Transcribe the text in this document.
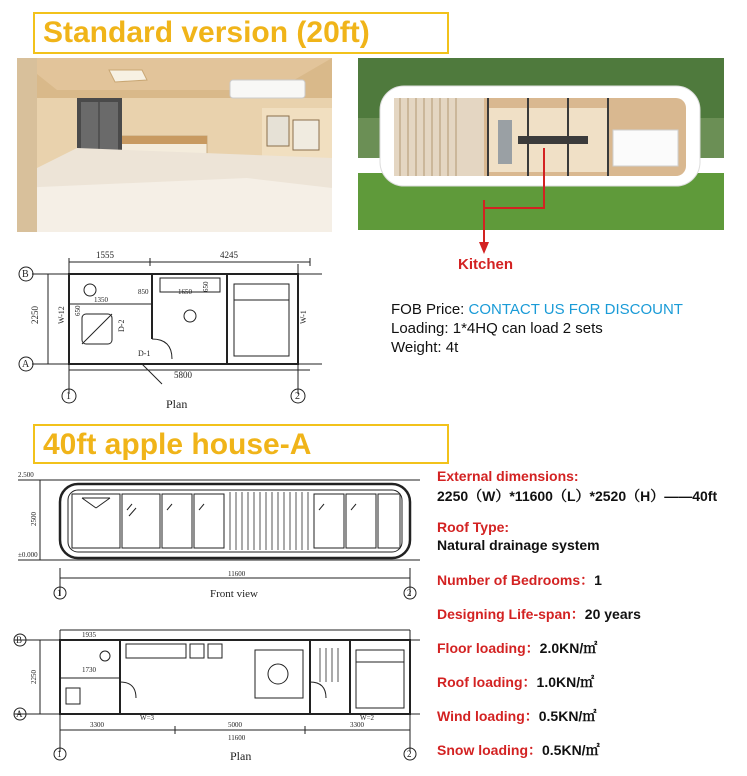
Standard version (20ft)
Kitchen
1555	4245
2250
5800
B
A
1	2
W-12	W-1
D-1
D-2
1350
850	1650 650
650
Plan
FOB Price: CONTACT US FOR DISCOUNT
Loading: 1*4HQ can load 2 sets
Weight: 4t
40ft apple house-A
2.500
±0.000
2500
11600
1	2
Front view
1935
2250
3300	5000	3300
11600
1730
W=3	W=2
B
A
1	2
Plan
External dimensions:
2250（W）*11600（L）*2520（H）——40ft
Roof Type:
Natural drainage system
Number of Bedrooms：1
Designing Life-span：20 years
Floor loading：2.0KN/㎡
Roof loading：1.0KN/㎡
Wind loading：0.5KN/㎡
Snow loading：0.5KN/㎡
